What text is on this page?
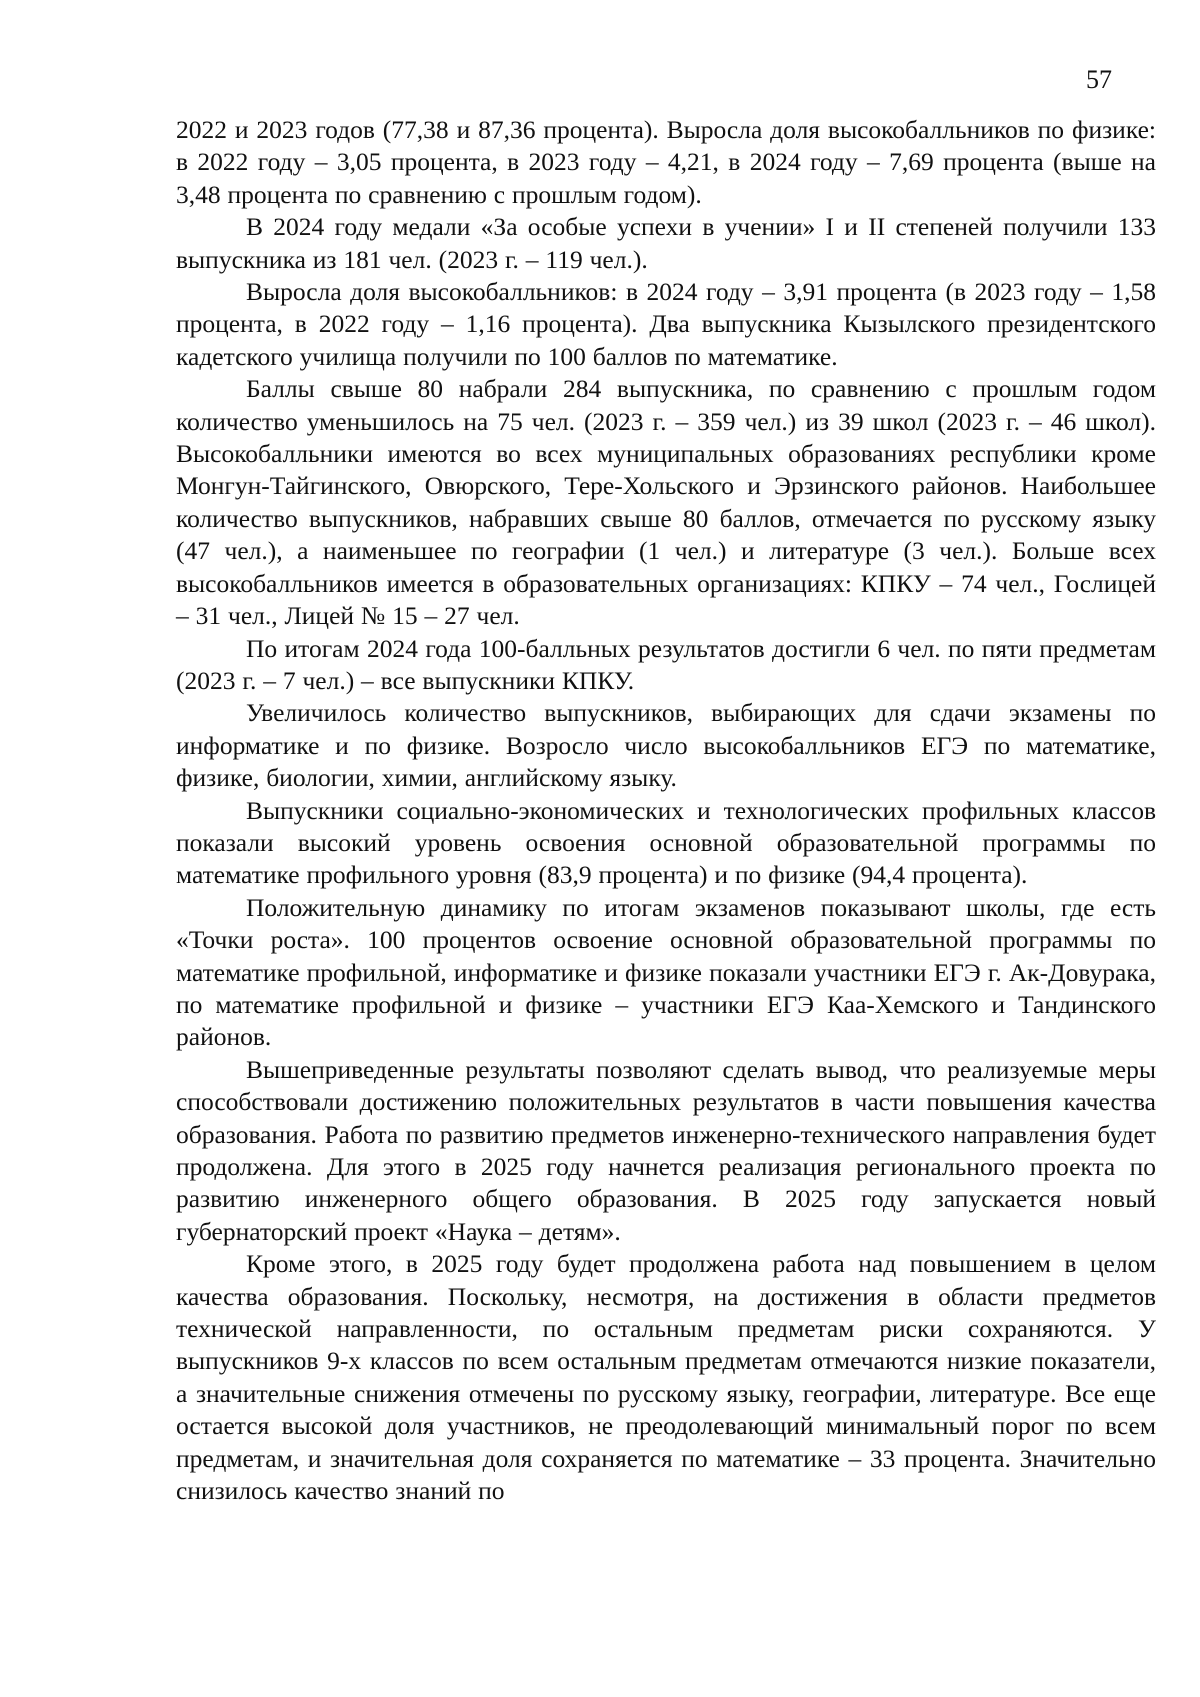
57

2022 и 2023 годов (77,38 и 87,36 процента). Выросла доля высокобалльников по физике: в 2022 году – 3,05 процента, в 2023 году – 4,21, в 2024 году – 7,69 процента (выше на 3,48 процента по сравнению с прошлым годом).

В 2024 году медали «За особые успехи в учении» I и II степеней получили 133 выпускника из 181 чел. (2023 г. – 119 чел.).

Выросла доля высокобалльников: в 2024 году – 3,91 процента (в 2023 году – 1,58 процента, в 2022 году – 1,16 процента). Два выпускника Кызылского президентского кадетского училища получили по 100 баллов по математике.

Баллы свыше 80 набрали 284 выпускника, по сравнению с прошлым годом количество уменьшилось на 75 чел. (2023 г. – 359 чел.) из 39 школ (2023 г. – 46 школ). Высокобалльники имеются во всех муниципальных образованиях республики кроме Монгун-Тайгинского, Овюрского, Тере-Хольского и Эрзинского районов. Наибольшее количество выпускников, набравших свыше 80 баллов, отмечается по русскому языку (47 чел.), а наименьшее по географии (1 чел.) и литературе (3 чел.). Больше всех высокобалльников имеется в образовательных организациях: КПКУ – 74 чел., Гослицей – 31 чел., Лицей № 15 – 27 чел.

По итогам 2024 года 100-балльных результатов достигли 6 чел. по пяти предметам (2023 г. – 7 чел.) – все выпускники КПКУ.

Увеличилось количество выпускников, выбирающих для сдачи экзамены по информатике и по физике. Возросло число высокобалльников ЕГЭ по математике, физике, биологии, химии, английскому языку.

Выпускники социально-экономических и технологических профильных классов показали высокий уровень освоения основной образовательной программы по математике профильного уровня (83,9 процента) и по физике (94,4 процента).

Положительную динамику по итогам экзаменов показывают школы, где есть «Точки роста». 100 процентов освоение основной образовательной программы по математике профильной, информатике и физике показали участники ЕГЭ г. Ак-Довурака, по математике профильной и физике – участники ЕГЭ Каа-Хемского и Тандинского районов.

Вышеприведенные результаты позволяют сделать вывод, что реализуемые меры способствовали достижению положительных результатов в части повышения качества образования. Работа по развитию предметов инженерно-технического направления будет продолжена. Для этого в 2025 году начнется реализация регионального проекта по развитию инженерного общего образования. В 2025 году запускается новый губернаторский проект «Наука – детям».

Кроме этого, в 2025 году будет продолжена работа над повышением в целом качества образования. Поскольку, несмотря, на достижения в области предметов технической направленности, по остальным предметам риски сохраняются. У выпускников 9-х классов по всем остальным предметам отмечаются низкие показатели, а значительные снижения отмечены по русскому языку, географии, литературе. Все еще остается высокой доля участников, не преодолевающий минимальный порог по всем предметам, и значительная доля сохраняется по математике – 33 процента. Значительно снизилось качество знаний по
